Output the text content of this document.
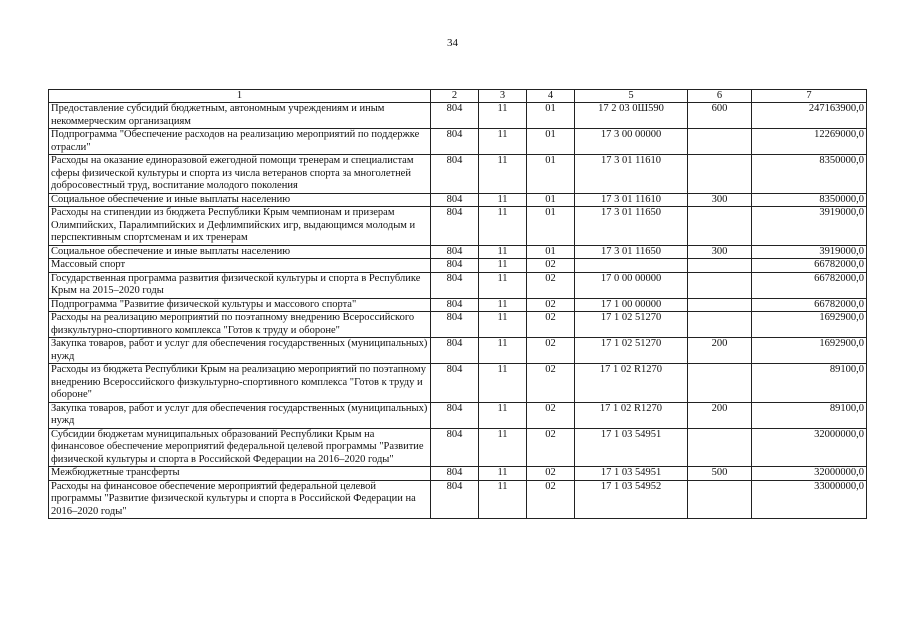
34
1	2	3	4	5	6	7
Предоставление субсидий бюджетным, автономным учреждениям и иным некоммерческим организациям	804	11	01	17 2 03 0Ш590	600	247163900,0
Подпрограмма "Обеспечение расходов на реализацию мероприятий по поддержке отрасли"	804	11	01	17 3 00 00000		12269000,0
Расходы на оказание единоразовой ежегодной помощи тренерам и специалистам сферы физической культуры и спорта из числа ветеранов спорта за многолетней добросовестный труд, воспитание молодого поколения	804	11	01	17 3 01 11610		8350000,0
Социальное обеспечение и иные выплаты населению	804	11	01	17 3 01 11610	300	8350000,0
Расходы на стипендии из бюджета Республики Крым чемпионам и призерам Олимпийских, Паралимпийских и Дефлимпийских игр, выдающимся молодым и перспективным спортсменам и их тренерам	804	11	01	17 3 01 11650		3919000,0
Социальное обеспечение и иные выплаты населению	804	11	01	17 3 01 11650	300	3919000,0
Массовый спорт	804	11	02			66782000,0
Государственная программа развития физической культуры и спорта в Республике Крым на 2015–2020 годы	804	11	02	17 0 00 00000		66782000,0
Подпрограмма "Развитие физической культуры и массового спорта"	804	11	02	17 1 00 00000		66782000,0
Расходы на реализацию мероприятий по поэтапному внедрению Всероссийского физкультурно-спортивного комплекса "Готов к труду и обороне"	804	11	02	17 1 02 51270		1692900,0
Закупка товаров, работ и услуг для обеспечения государственных (муниципальных) нужд	804	11	02	17 1 02 51270	200	1692900,0
Расходы из бюджета Республики Крым на реализацию мероприятий по поэтапному внедрению Всероссийского физкультурно-спортивного комплекса "Готов к труду и обороне"	804	11	02	17 1 02 R1270		89100,0
Закупка товаров, работ и услуг для обеспечения государственных (муниципальных) нужд	804	11	02	17 1 02 R1270	200	89100,0
Субсидии бюджетам муниципальных образований Республики Крым на финансовое обеспечение мероприятий федеральной целевой программы "Развитие физической культуры и спорта в Российской Федерации на 2016–2020 годы"	804	11	02	17 1 03 54951		32000000,0
Межбюджетные трансферты	804	11	02	17 1 03 54951	500	32000000,0
Расходы на финансовое обеспечение мероприятий федеральной целевой программы "Развитие физической культуры и спорта в Российской Федерации на 2016–2020 годы"	804	11	02	17 1 03 54952		33000000,0
